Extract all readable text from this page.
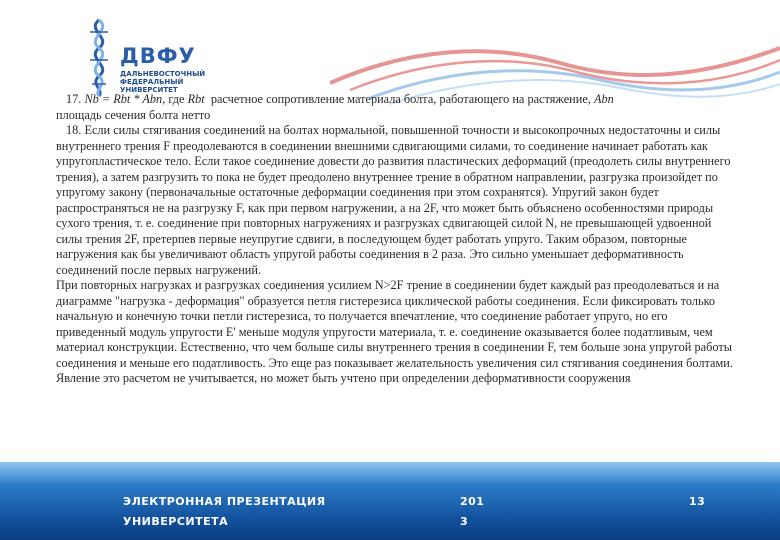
ДВФУ
ДАЛЬНЕВОСТОЧНЫЙ
ФЕДЕРАЛЬНЫЙ
УНИВЕРСИТЕТ

17. Nb = Rbt * Abn, где Rbt расчетное сопротивление материала болта, работающего на растяжение, Abn

площадь сечения болта нетто

18. Если силы стягивания соединений на болтах нормальной, повышенной точности и высокопрочных недостаточны и силы внутреннего трения F преодолеваются в соединении внешними сдвигающими силами, то соединение начинает работать как упругопластическое тело. Если такое соединение довести до развития пластических деформаций (преодолеть силы внутреннего трения), а затем разгрузить то пока не будет преодолено внутреннее трение в обратном направлении, разгрузка произойдет по упругому закону (первоначальные остаточные деформации соединения при этом сохранятся). Упругий закон будет распространяться не на разгрузку F, как при первом нагружении, а на 2F, что может быть объяснено особенностями природы сухого трения, т. е. соединение при повторных нагружениях и разгрузках сдвигающей силой N, не превышающей удвоенной силы трения 2F, претерпев первые неупругие сдвиги, в последующем будет работать упруго. Таким образом, повторные нагружения как бы увеличивают область упругой работы соединения в 2 раза. Это сильно уменьшает деформативность соединений после первых нагружений.

При повторных нагрузках и разгрузках соединения усилием N>2F трение в соединении будет каждый раз преодолеваться и на диаграмме "нагрузка - деформация" образуется петля гистерезиса циклической работы соединения. Если фиксировать только начальную и конечную точки петли гистерезиса, то получается впечатление, что соединение работает упруго, но его приведенный модуль упругости E' меньше модуля упругости материала, т. е. соединение оказывается более податливым, чем материал конструкции. Естественно, что чем больше силы внутреннего трения в соединении F, тем больше зона упругой работы соединения и меньше его податливость. Это еще раз показывает желательность увеличения сил стягивания соединения болтами. Явление это расчетом не учитывается, но может быть учтено при определении деформативности сооружения

ЭЛЕКТРОННАЯ ПРЕЗЕНТАЦИЯ
УНИВЕРСИТЕТА
201
3
13
